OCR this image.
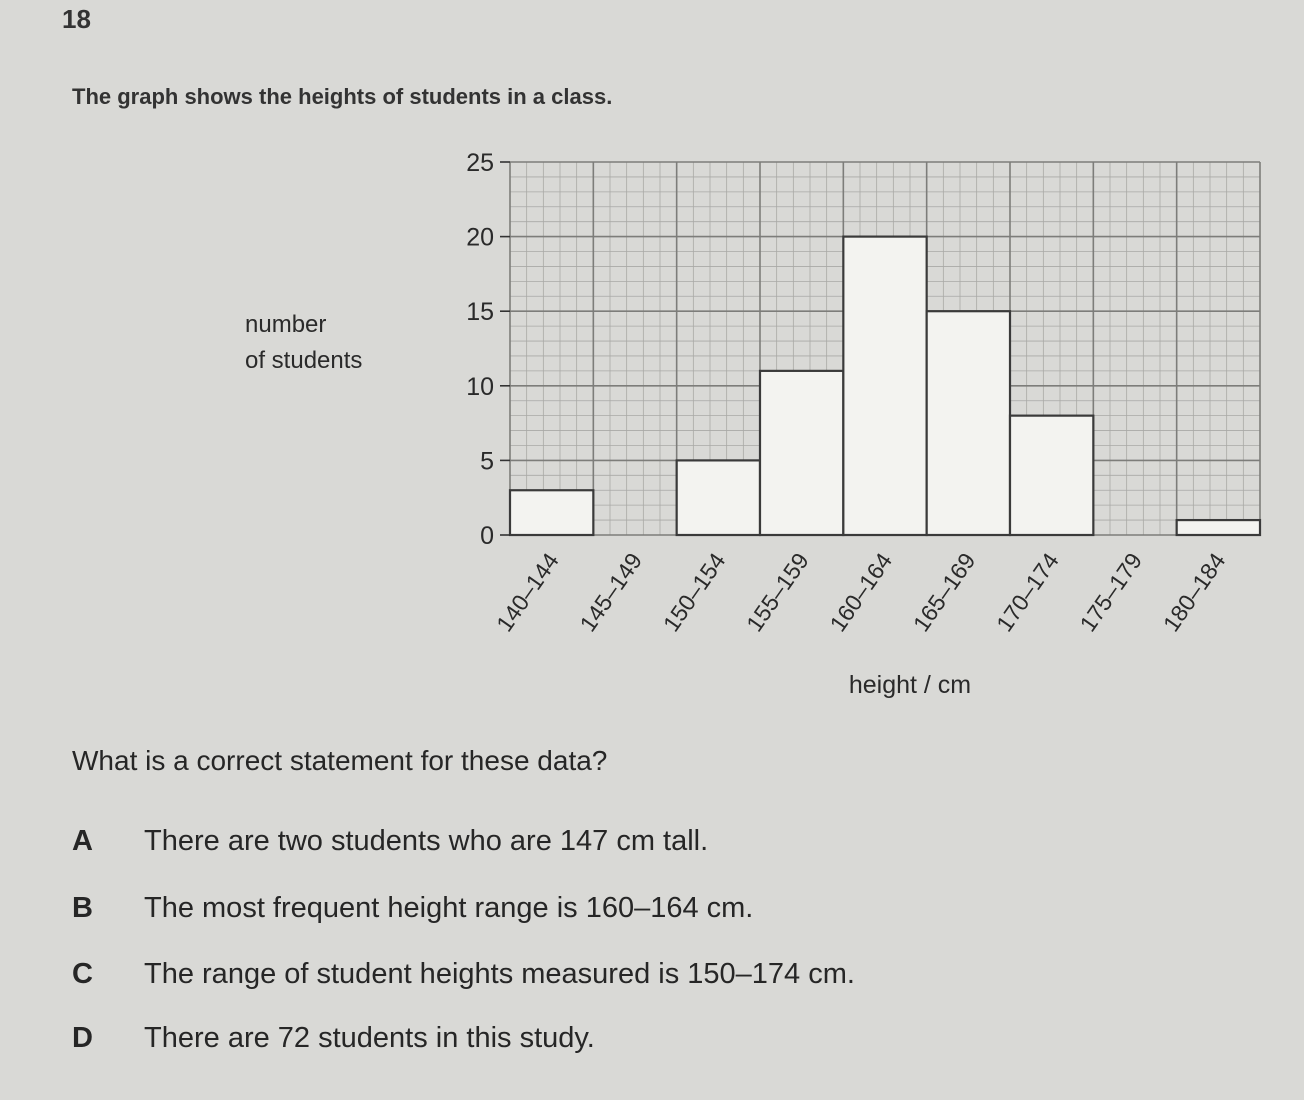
18
The graph shows the heights of students in a class.
0
5
10
15
20
25
140–144 145–149 150–154 155–159 160–164 165–169 170–174 175–179 180–184
number
of students
height / cm
What is a correct statement for these data?
A	There are two students who are 147 cm tall.
B	The most frequent height range is 160–164 cm.
C	The range of student heights measured is 150–174 cm.
D	There are 72 students in this study.
